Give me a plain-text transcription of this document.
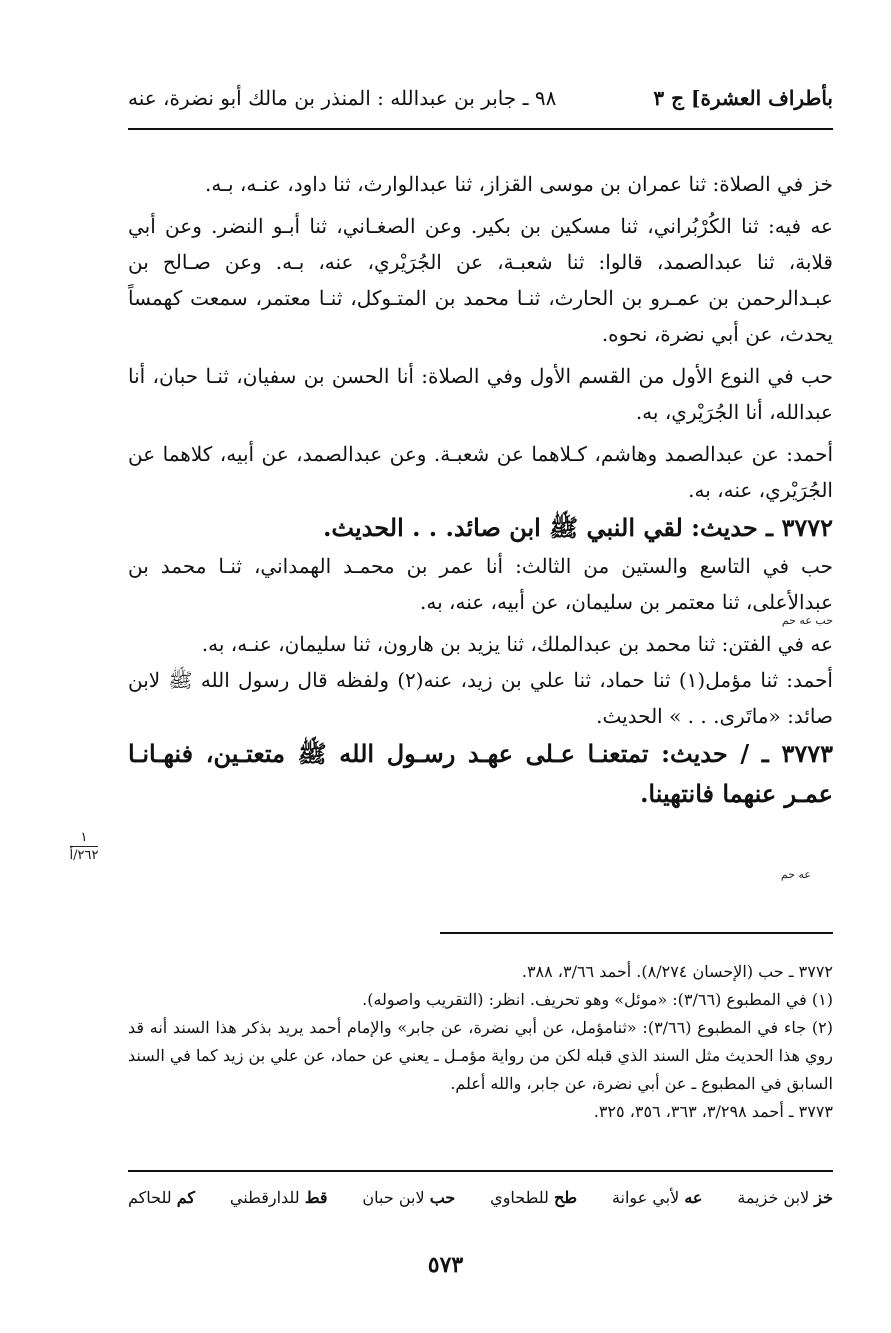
بأطراف العشرة] ج ٣
٩٨ ـ جابر بن عبدالله : المنذر بن مالك أبو نضرة، عنه

خز في الصلاة: ثنا عمران بن موسى القزاز، ثنا عبدالوارث، ثنا داود، عنـه، بـه.

عه فيه: ثنا الكُرْبُراني، ثنا مسكين بن بكير. وعن الصغـاني، ثنا أبـو النضر. وعن أبي قلابة، ثنا عبدالصمد، قالوا: ثنا شعبـة، عن الجُرَيْري، عنه، بـه. وعن صـالح بن عبـدالرحمن بن عمـرو بن الحارث، ثنـا محمد بن المتـوكل، ثنـا معتمر، سمعت كهمساً يحدث، عن أبي نضرة، نحوه.

حب في النوع الأول من القسم الأول وفي الصلاة: أنا الحسن بن سفيان، ثنـا حبان، أنا عبدالله، أنا الجُرَيْري، به.

أحمد: عن عبدالصمد وهاشم، كـلاهما عن شعبـة. وعن عبدالصمد، عن أبيه، كلاهما عن الجُرَيْري، عنه، به.

٣٧٧٢ ـ حديث: لقي النبي ﷺ ابن صائد. . . الحديث.

حب في التاسع والستين من الثالث: أنا عمر بن محمـد الهمداني، ثنـا محمد بن عبدالأعلى، ثنا معتمر بن سليمان، عن أبيه، عنه، به.

عه في الفتن: ثنا محمد بن عبدالملك، ثنا يزيد بن هارون، ثنا سليمان، عنـه، به.

أحمد: ثنا مؤمل(١) ثنا حماد، ثنا علي بن زيد، عنه(٢) ولفظه قال رسول الله ﷺ لابن صائد: «ماتَرى. . . » الحديث.

٣٧٧٣ ـ / حديث: تمتعنـا عـلى عهـد رسـول الله ﷺ متعتـين، فنهـانـا عمـر عنهما فانتهينا.

حب عه حم
عه حم
١
٢٦٢/أ

٣٧٧٢ ـ حب (الإحسان ٨/٢٧٤). أحمد ٣/٦٦، ٣٨٨.

(١) في المطبوع (٣/٦٦): «موئل» وهو تحريف. انظر: (التقريب واصوله).

(٢) جاء في المطبوع (٣/٦٦): «ثنامؤمل، عن أبي نضرة، عن جابر» والإمام أحمد يريد بذكر هذا السند أنه قد روي هذا الحديث مثل السند الذي قبله لكن من رواية مؤمـل ـ يعني عن حماد، عن علي بن زيد كما في السند السابق في المطبوع ـ عن أبي نضرة، عن جابر، والله أعلم.

٣٧٧٣ ـ أحمد ٣/٢٩٨، ٣٦٣، ٣٥٦، ٣٢٥.

خز لابن خزيمة
عه لأبي عوانة
طح للطحاوي
حب لابن حبان
قط للدارقطني
كم للحاكم
٥٧٣
